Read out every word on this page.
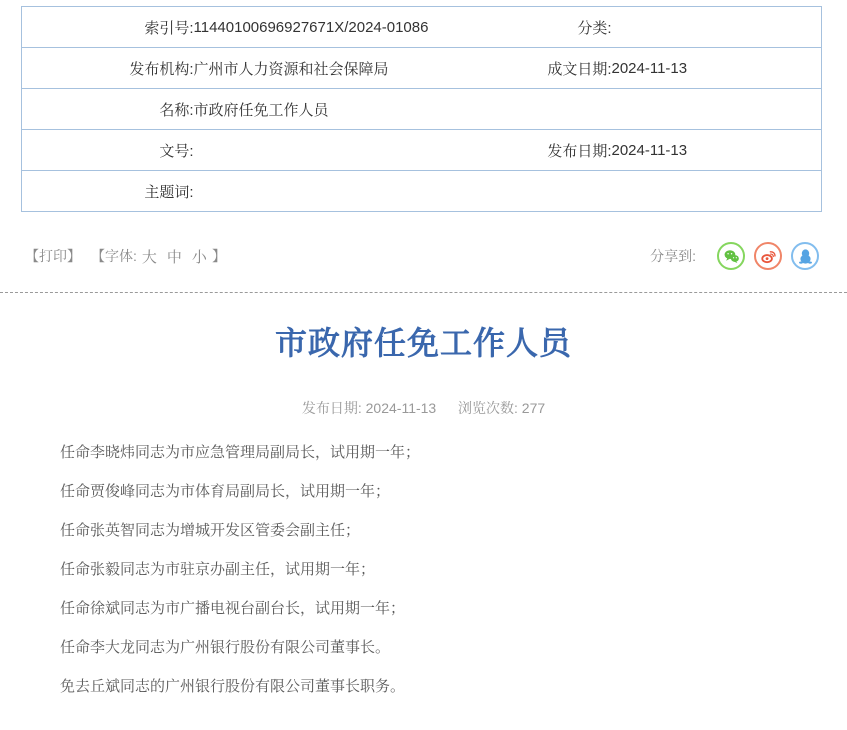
索引号:	11440100696927671X/2024-01086	分类:	
发布机构:	广州市人力资源和社会保障局	成文日期:	2024-11-13
名称:	市政府任免工作人员		
文号:		发布日期:	2024-11-13
主题词:			
【打印】 【字体: 大 中 小 】	分享到:
市政府任免工作人员
发布日期: 2024-11-13 浏览次数: 277

任命李晓炜同志为市应急管理局副局长，试用期一年；

任命贾俊峰同志为市体育局副局长，试用期一年；

任命张英智同志为增城开发区管委会副主任；

任命张毅同志为市驻京办副主任，试用期一年；

任命徐斌同志为市广播电视台副台长，试用期一年；

任命李大龙同志为广州银行股份有限公司董事长。

免去丘斌同志的广州银行股份有限公司董事长职务。
